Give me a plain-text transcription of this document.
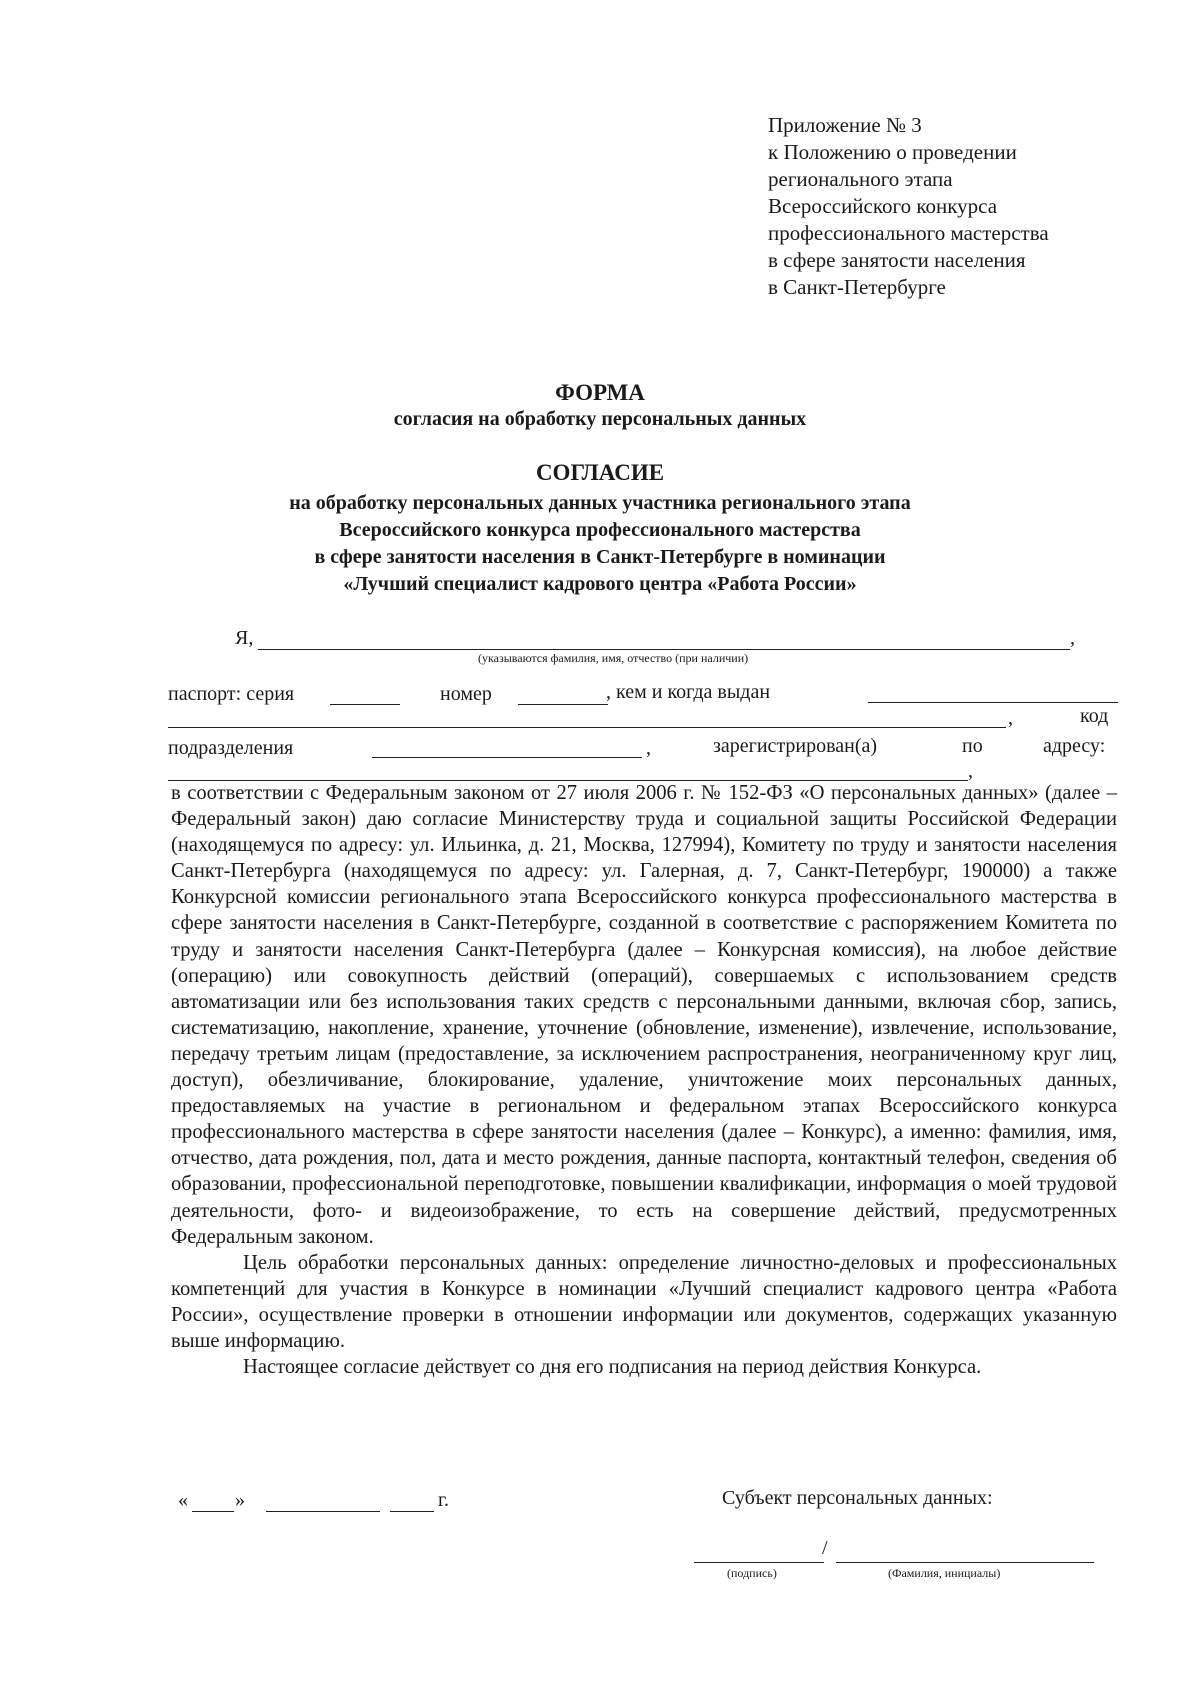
Приложение № 3
к Положению о проведении
регионального этапа
Всероссийского конкурса
профессионального мастерства
в сфере занятости населения
в Санкт-Петербурге
ФОРМА
согласия на обработку персональных данных
СОГЛАСИЕ
на обработку персональных данных участника регионального этапа
Всероссийского конкурса профессионального мастерства
в сфере занятости населения в Санкт-Петербурге в номинации
«Лучший специалист кадрового центра «Работа России»
Я,	,
(указываются фамилия, имя, отчество (при наличии)
паспорт: серия	номер	, кем и когда выдан
,	код
подразделения	,	зарегистрирован(а)	по	адресу:
,

в соответствии с Федеральным законом от 27 июля 2006 г. № 152-ФЗ «О персональных данных» (далее – Федеральный закон) даю согласие Министерству труда и социальной защиты Российской Федерации (находящемуся по адресу: ул. Ильинка, д. 21, Москва, 127994), Комитету по труду и занятости населения Санкт-Петербурга (находящемуся по адресу: ул. Галерная, д. 7, Санкт-Петербург, 190000) а также Конкурсной комиссии регионального этапа Всероссийского конкурса профессионального мастерства в сфере занятости населения в Санкт-Петербурге, созданной в соответствие с распоряжением Комитета по труду и занятости населения Санкт-Петербурга (далее – Конкурсная комиссия), на любое действие (операцию) или совокупность действий (операций), совершаемых с использованием средств автоматизации или без использования таких средств с персональными данными, включая сбор, запись, систематизацию, накопление, хранение, уточнение (обновление, изменение), извлечение, использование, передачу третьим лицам (предоставление, за исключением распространения, неограниченному круг лиц, доступ), обезличивание, блокирование, удаление, уничтожение моих персональных данных, предоставляемых на участие в региональном и федеральном этапах Всероссийского конкурса профессионального мастерства в сфере занятости населения (далее – Конкурс), а именно: фамилия, имя, отчество, дата рождения, пол, дата и место рождения, данные паспорта, контактный телефон, сведения об образовании, профессиональной переподготовке, повышении квалификации, информация о моей трудовой деятельности, фото- и видеоизображение, то есть на совершение действий, предусмотренных Федеральным законом.

Цель обработки персональных данных: определение личностно-деловых и профессиональных компетенций для участия в Конкурсе в номинации «Лучший специалист кадрового центра «Работа России», осуществление проверки в отношении информации или документов, содержащих указанную выше информацию.

Настоящее согласие действует со дня его подписания на период действия Конкурса.

« »	г.	Субъект персональных данных:
/
(подпись)	(Фамилия, инициалы)
